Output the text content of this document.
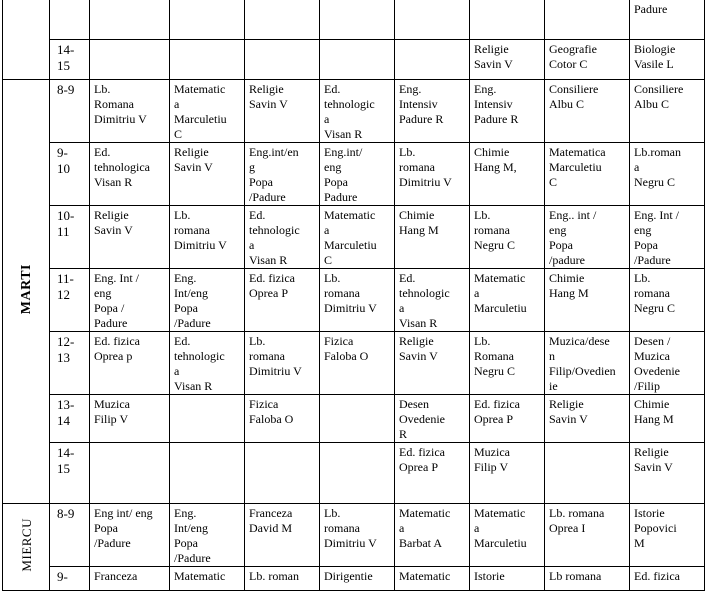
									Padure
	14-
15						Religie
Savin V	Geografie
Cotor C	Biologie
Vasile L
MARTI	8-9	Lb.
Romana
Dimitriu V	Matematic
a
Marculetiu
C	Religie
Savin V	Ed.
tehnologic
a
Visan R	Eng.
Intensiv
Padure R	Eng.
Intensiv
Padure R	Consiliere
Albu C	Consiliere
Albu C
	9-
10	Ed.
tehnologica
Visan R	Religie
Savin V	Eng.int/en
g
Popa
/Padure	Eng.int/
eng
Popa
Padure	Lb.
romana
Dimitriu V	Chimie
Hang M,	Matematica
Marculetiu
C	Lb.roman
a
Negru C
	10-
11	Religie
Savin V	Lb.
romana
Dimitriu V	Ed.
tehnologic
a
Visan R	Matematic
a
Marculetiu
C	Chimie
Hang M	Lb.
romana
Negru C	Eng.. int /
eng
Popa
/padure	Eng. Int /
eng
Popa
/Padure
	11-
12	Eng. Int /
eng
Popa /
Padure	Eng.
Int/eng
Popa
/Padure	Ed. fizica
Oprea P	Lb.
romana
Dimitriu V	Ed.
tehnologic
a
Visan R	Matematic
a
Marculetiu	Chimie
Hang M	Lb.
romana
Negru C
	12-
13	Ed. fizica
Oprea p	Ed.
tehnologic
a
Visan R	Lb.
romana
Dimitriu V	Fizica
Faloba O	Religie
Savin V	Lb.
Romana
Negru C	Muzica/dese
n
Filip/Ovedien
ie	Desen /
Muzica
Ovedenie
/Filip
	13-
14	Muzica
Filip V		Fizica
Faloba O		Desen
Ovedenie
R	Ed. fizica
Oprea P	Religie
Savin V	Chimie
Hang M
	14-
15					Ed. fizica
Oprea P	Muzica
Filip V		Religie
Savin V
MIERCU	8-9	Eng int/ eng
Popa
/Padure	Eng.
Int/eng
Popa
/Padure	Franceza
David M	Lb.
romana
Dimitriu V	Matematic
a
Barbat A	Matematic
a
Marculetiu	Lb. romana
Oprea I	Istorie
Popovici
M
	9-	Franceza	Matematic	Lb. roman	Dirigentie	Matematic	Istorie	Lb romana	Ed. fizica
